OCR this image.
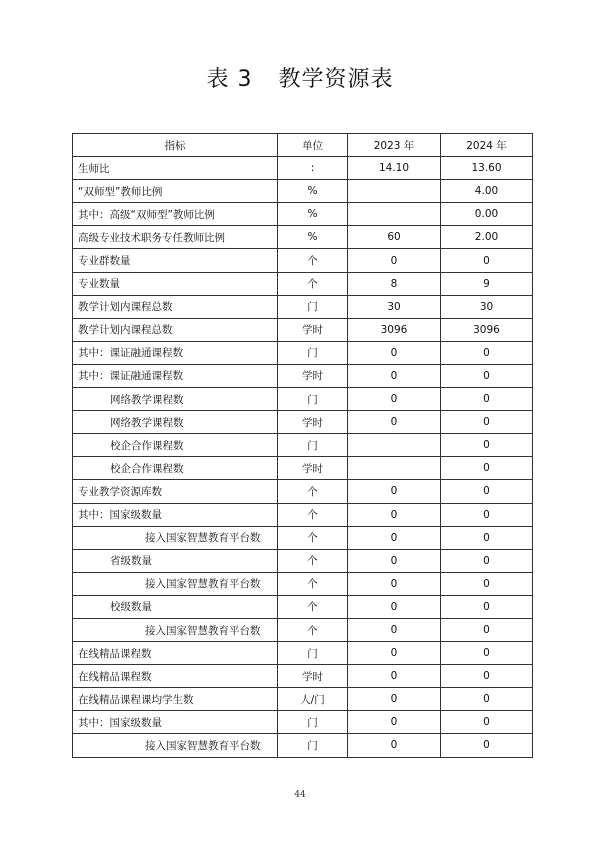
表 3 教学资源表
指标	单位	2023 年	2024 年
生师比	:	14.10	13.60
“双师型”教师比例	%		4.00
其中：高级“双师型”教师比例	%		0.00
高级专业技术职务专任教师比例	%	60	2.00
专业群数量	个	0	0
专业数量	个	8	9
教学计划内课程总数	门	30	30
教学计划内课程总数	学时	3096	3096
其中：课证融通课程数	门	0	0
其中：课证融通课程数	学时	0	0
网络教学课程数	门	0	0
网络教学课程数	学时	0	0
校企合作课程数	门		0
校企合作课程数	学时		0
专业教学资源库数	个	0	0
其中：国家级数量	个	0	0
接入国家智慧教育平台数	个	0	0
省级数量	个	0	0
接入国家智慧教育平台数	个	0	0
校级数量	个	0	0
接入国家智慧教育平台数	个	0	0
在线精品课程数	门	0	0
在线精品课程数	学时	0	0
在线精品课程课均学生数	人/门	0	0
其中：国家级数量	门	0	0
接入国家智慧教育平台数	门	0	0
44
